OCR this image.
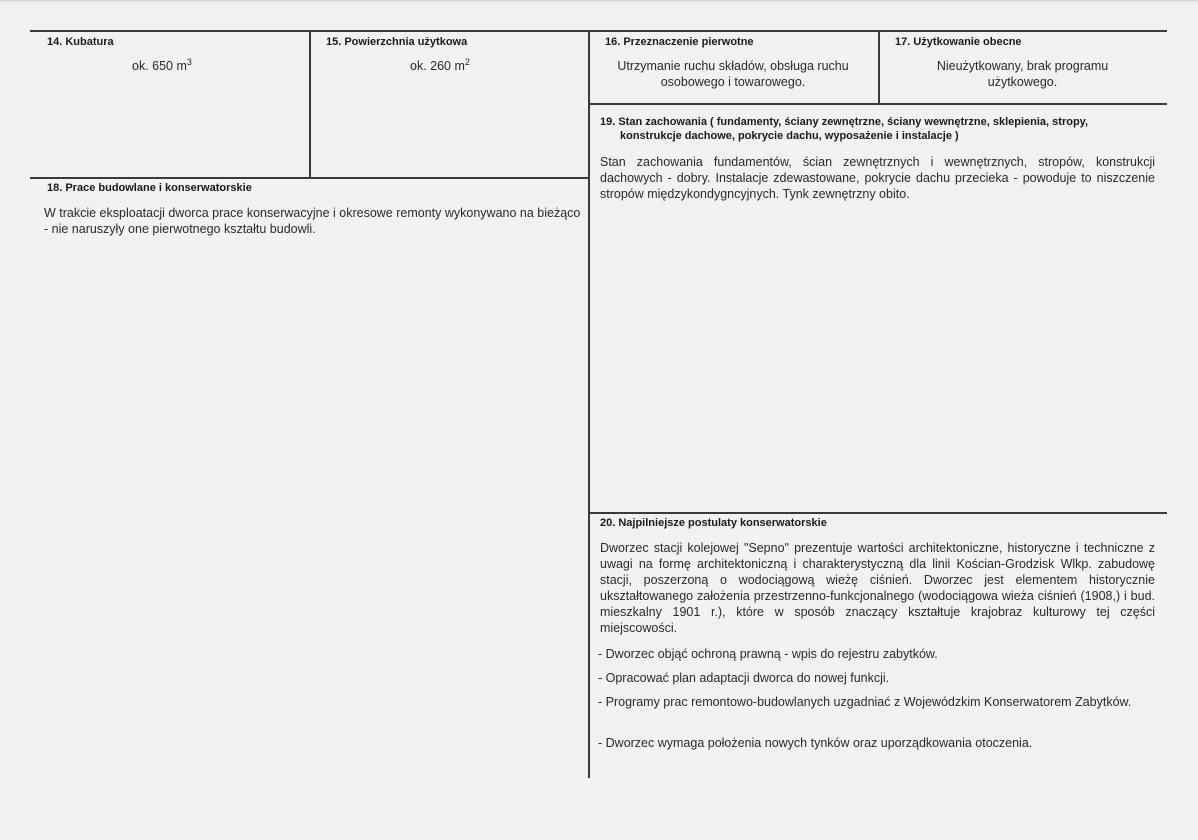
14. Kubatura
ok. 650 $m^3$
15. Powierzchnia użytkowa
ok. 260 $m^2$
16. Przeznaczenie pierwotne
Utrzymanie ruchu składów, obsługa ruchu osobowego i towarowego.
17. Użytkowanie obecne
Nieużytkowany, brak programu użytkowego.
19. Stan zachowania ( fundamenty, ściany zewnętrzne, ściany wewnętrzne, sklepienia, stropy,
konstrukcje dachowe, pokrycie dachu, wyposażenie i instalacje )
Stan zachowania fundamentów, ścian zewnętrznych i wewnętrznych, stropów, konstrukcji dachowych - dobry. Instalacje zdewastowane, pokrycie dachu przecieka - powoduje to niszczenie stropów międzykondygncyjnych. Tynk zewnętrzny obito.
18. Prace budowlane i konserwatorskie
W trakcie eksploatacji dworca prace konserwacyjne i okresowe remonty wykonywano na bieżąco - nie naruszyły one pierwotnego kształtu budowli.
20. Najpilniejsze postulaty konserwatorskie
Dworzec stacji kolejowej "Sepno" prezentuje wartości architektoniczne, historyczne i techniczne z uwagi na formę architektoniczną i charakterystyczną dla linii Kościan-Grodzisk Wlkp. zabudowę stacji, poszerzoną o wodociągową wieżę ciśnień. Dworzec jest elementem historycznie ukształtowanego założenia przestrzenno-funkcjonalnego (wodociągowa wieża ciśnień (1908,) i bud. mieszkalny 1901 r.), które w sposób znaczący kształtuje krajobraz kulturowy tej części miejscowości.
- Dworzec objąć ochroną prawną - wpis do rejestru zabytków.
- Opracować plan adaptacji dworca do nowej funkcji.
- Programy prac remontowo-budowlanych uzgadniać z Wojewódzkim Konserwatorem Zabytków.
- Dworzec wymaga położenia nowych tynków oraz uporządkowania otoczenia.
